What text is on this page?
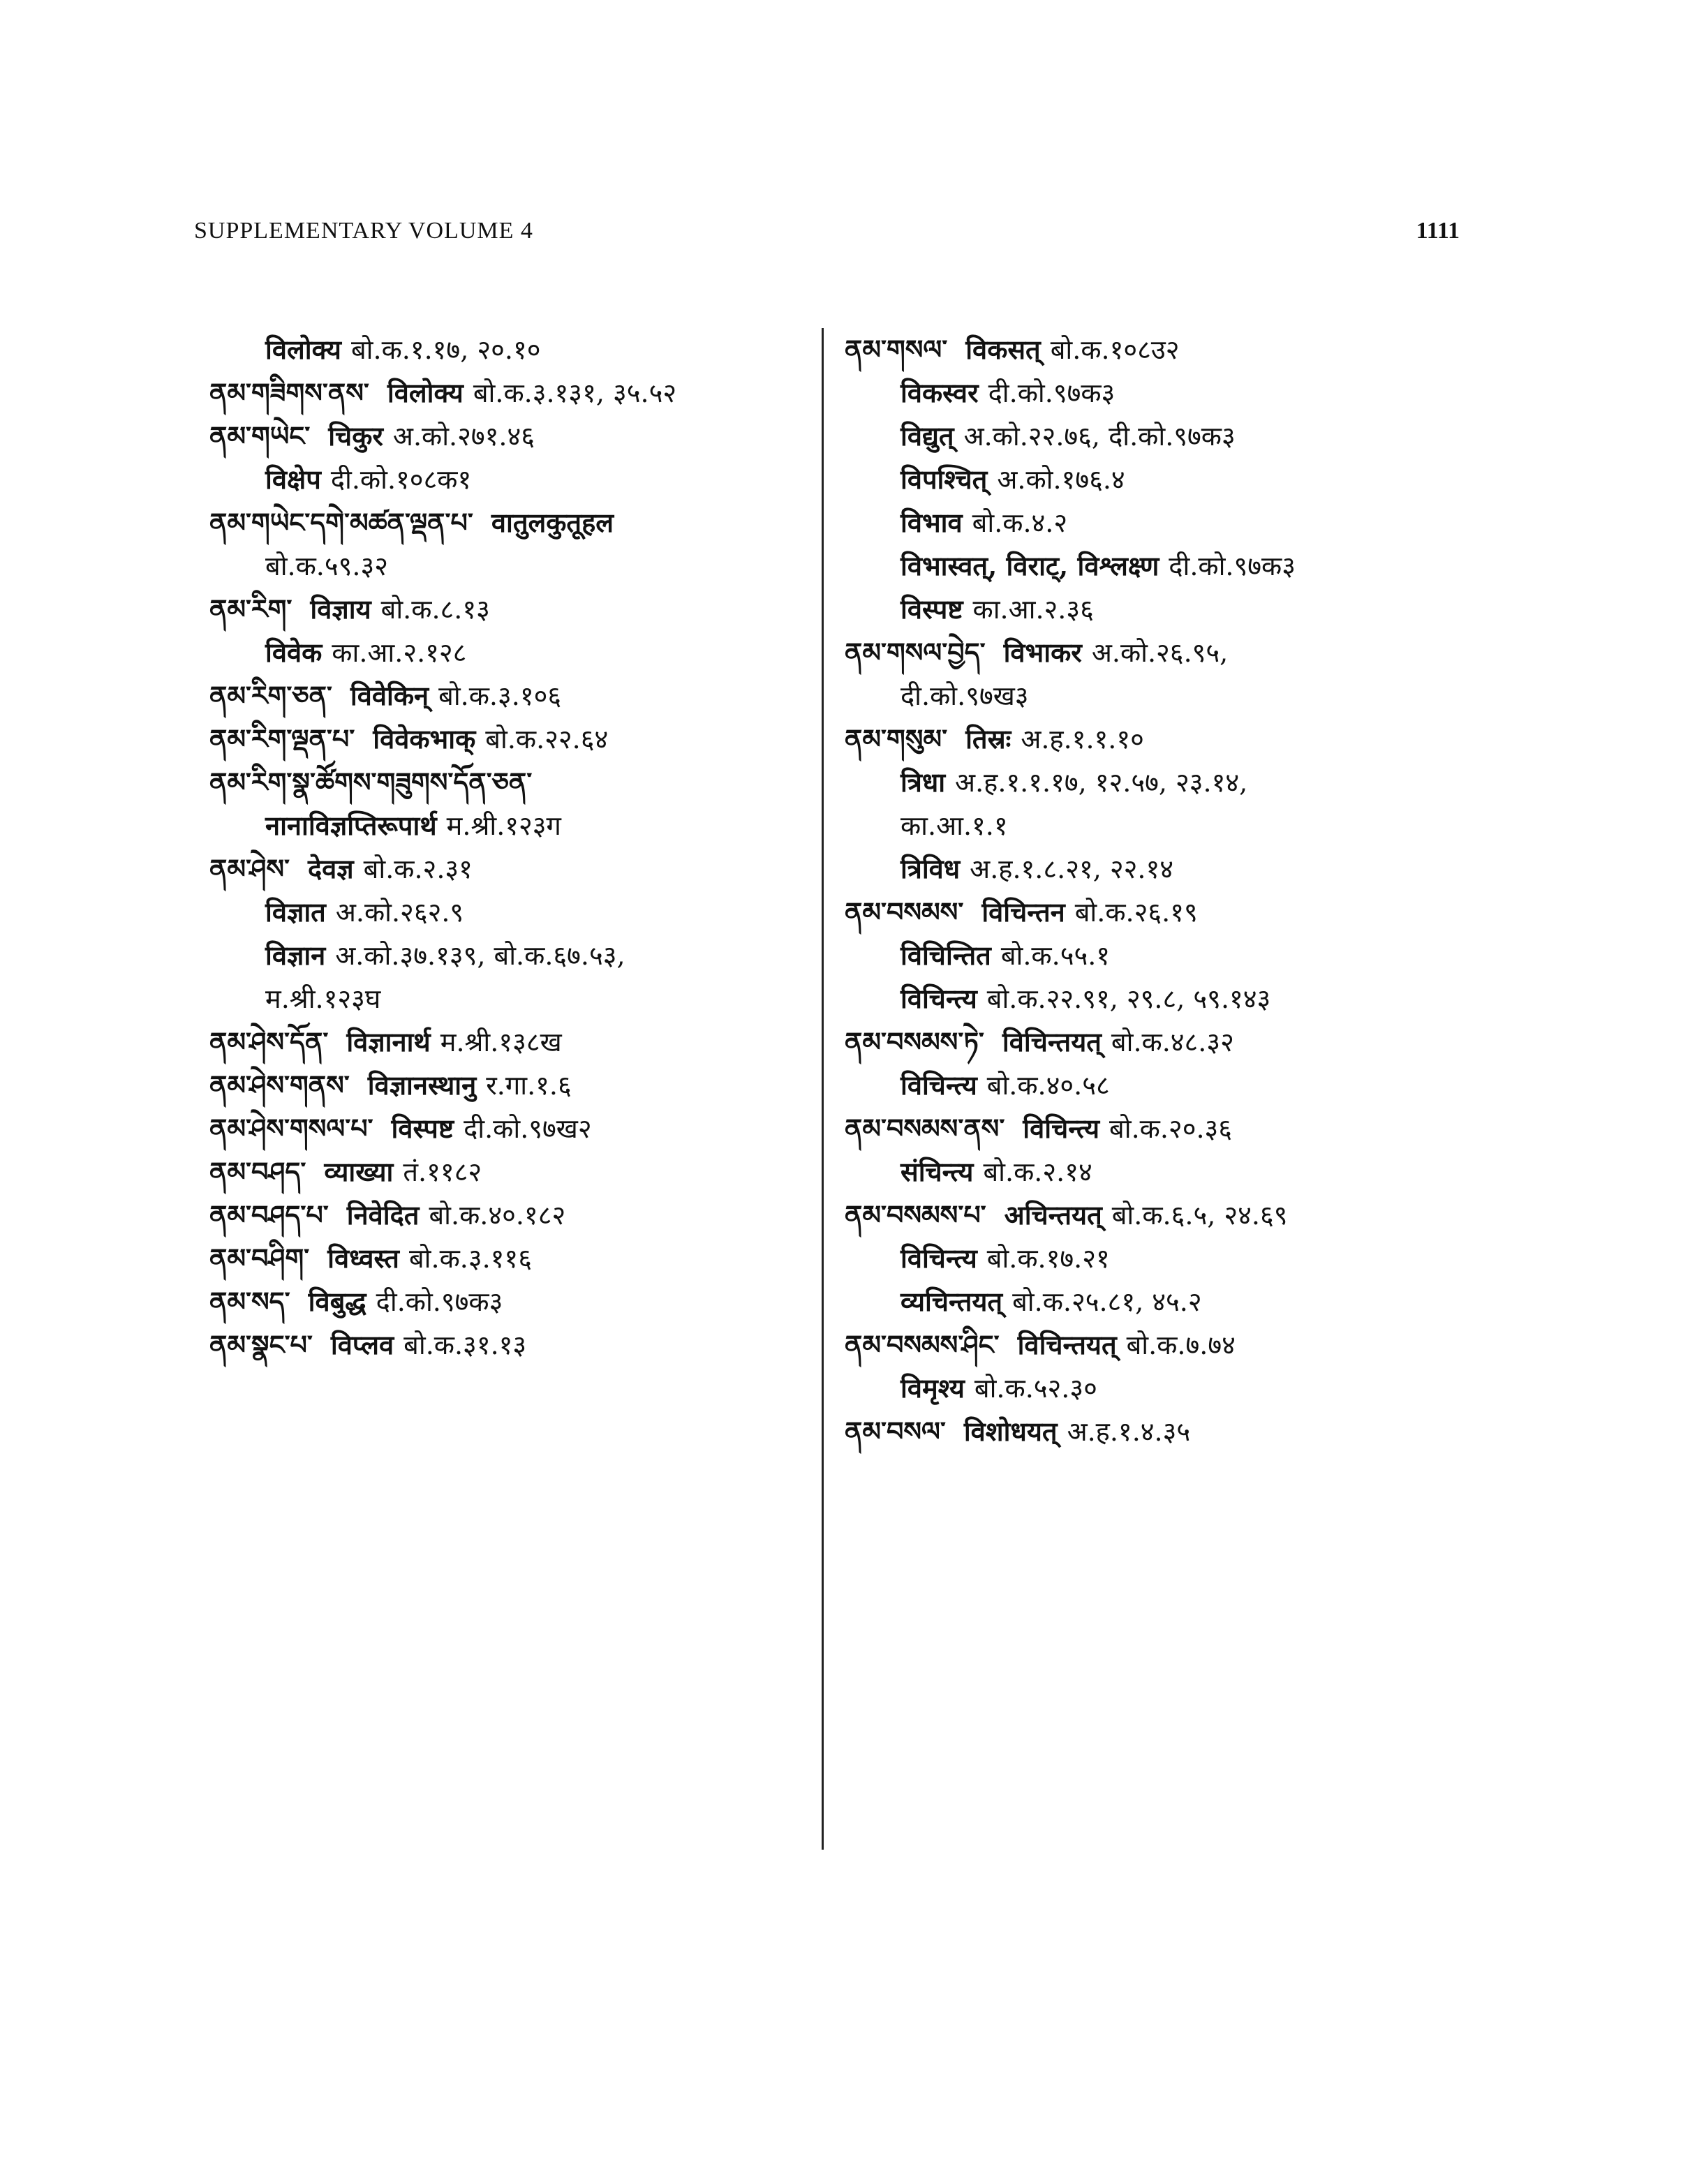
SUPPLEMENTARY VOLUME 4	1111
विलोक्य बो.क.१.१७, २०.१०
ནམ་གཟིགས་ནས་ विलोक्य बो.क.३.१३१, ३५.५२
ནམ་གཡེང་ चिकुर अ.को.२७१.४६
विक्षेप दी.को.१०८क१
ནམ་གཡེང་དགེ་མཚན་ལྡན་པ་ वातुलकुतूहल
बो.क.५९.३२
ནམ་རིག་ विज्ञाय बो.क.८.१३
विवेक का.आ.२.१२८
ནམ་རིག་ཅན་ विवेकिन् बो.क.३.१०६
ནམ་རིག་ལྡན་པ་ विवेकभाक् बो.क.२२.६४
ནམ་རིག་སྣ་ཚོགས་གཟུགས་དོན་ཅན་
नानाविज्ञप्तिरूपार्थ म.श्री.१२३ग
ནམ་ཤེས་ देवज्ञ बो.क.२.३१
विज्ञात अ.को.२६२.९
विज्ञान अ.को.३७.१३९, बो.क.६७.५३,
म.श्री.१२३घ
ནམ་ཤེས་དོན་ विज्ञानार्थ म.श्री.१३८ख
ནམ་ཤེས་གནས་ विज्ञानस्थानु र.गा.१.६
ནམ་ཤེས་གསལ་པ་ विस्पष्ट दी.को.९७ख२
ནམ་བཤད་ व्याख्या तं.११८२
ནམ་བཤད་པ་ निवेदित बो.क.४०.१८२
ནམ་བཤིག་ विध्वस्त बो.क.३.११६
ནམ་སད་ विबुद्ध दी.को.९७क३
ནམ་སྣང་པ་ विप्लव बो.क.३१.१३
ནམ་གསལ་ विकसत् बो.क.१०८उ२
विकस्वर दी.को.९७क३
विद्युत् अ.को.२२.७६, दी.को.९७क३
विपश्चित् अ.को.१७६.४
विभाव बो.क.४.२
विभास्वत्, विराट्, विश्लक्ष्ण दी.को.९७क३
विस्पष्ट का.आ.२.३६
ནམ་གསལ་བྱེད་ विभाकर अ.को.२६.९५,
दी.को.९७ख३
ནམ་གསུམ་ तिस्रः अ.ह.१.१.१०
त्रिधा अ.ह.१.१.१७, १२.५७, २३.१४,
का.आ.१.१
त्रिविध अ.ह.१.८.२१, २२.१४
ནམ་བསམས་ विचिन्तन बो.क.२६.१९
विचिन्तित बो.क.५५.१
विचिन्त्य बो.क.२२.९१, २९.८, ५९.१४३
ནམ་བསམས་ཏེ་ विचिन्तयत् बो.क.४८.३२
विचिन्त्य बो.क.४०.५८
ནམ་བསམས་ནས་ विचिन्त्य बो.क.२०.३६
संचिन्त्य बो.क.२.१४
ནམ་བསམས་པ་ अचिन्तयत् बो.क.६.५, २४.६९
विचिन्त्य बो.क.१७.२१
व्यचिन्तयत् बो.क.२५.८१, ४५.२
ནམ་བསམས་ཤིང་ विचिन्तयत् बो.क.७.७४
विमृश्य बो.क.५२.३०
ནམ་བསལ་ विशोधयत् अ.ह.१.४.३५
